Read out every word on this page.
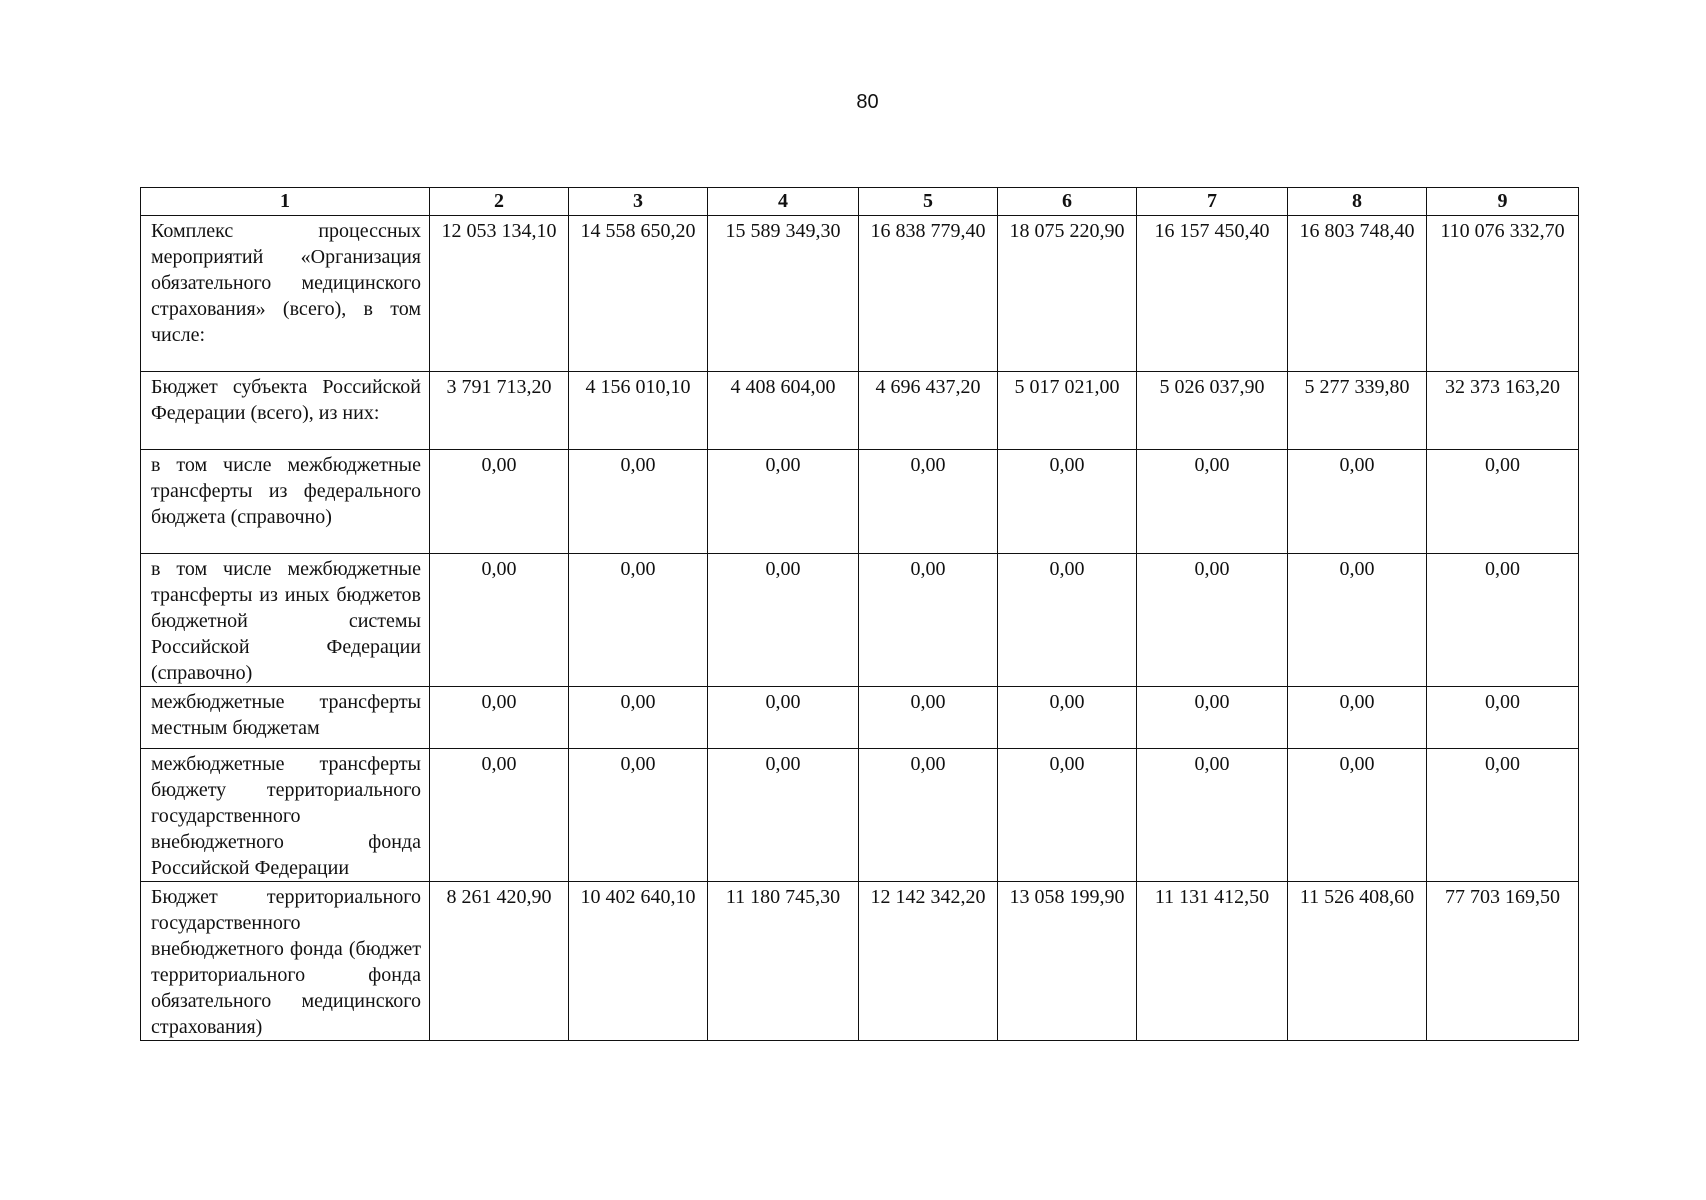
80
1	2	3	4	5	6	7	8	9
Комплекс процессных мероприятий «Организация обязательного медицинского страхования» (всего), в том числе:	12 053 134,10	14 558 650,20	15 589 349,30	16 838 779,40	18 075 220,90	16 157 450,40	16 803 748,40	110 076 332,70
Бюджет субъекта Российской Федерации (всего), из них:	3 791 713,20	4 156 010,10	4 408 604,00	4 696 437,20	5 017 021,00	5 026 037,90	5 277 339,80	32 373 163,20
в том числе межбюджетные трансферты из федерального бюджета (справочно)	0,00	0,00	0,00	0,00	0,00	0,00	0,00	0,00
в том числе межбюджетные трансферты из иных бюджетов бюджетной системы Российской Федерации (справочно)	0,00	0,00	0,00	0,00	0,00	0,00	0,00	0,00
межбюджетные трансферты местным бюджетам	0,00	0,00	0,00	0,00	0,00	0,00	0,00	0,00
межбюджетные трансферты бюджету территориального государственного внебюджетного фонда Российской Федерации	0,00	0,00	0,00	0,00	0,00	0,00	0,00	0,00
Бюджет территориального государственного внебюджетного фонда (бюджет территориального фонда обязательного медицинского страхования)	8 261 420,90	10 402 640,10	11 180 745,30	12 142 342,20	13 058 199,90	11 131 412,50	11 526 408,60	77 703 169,50
